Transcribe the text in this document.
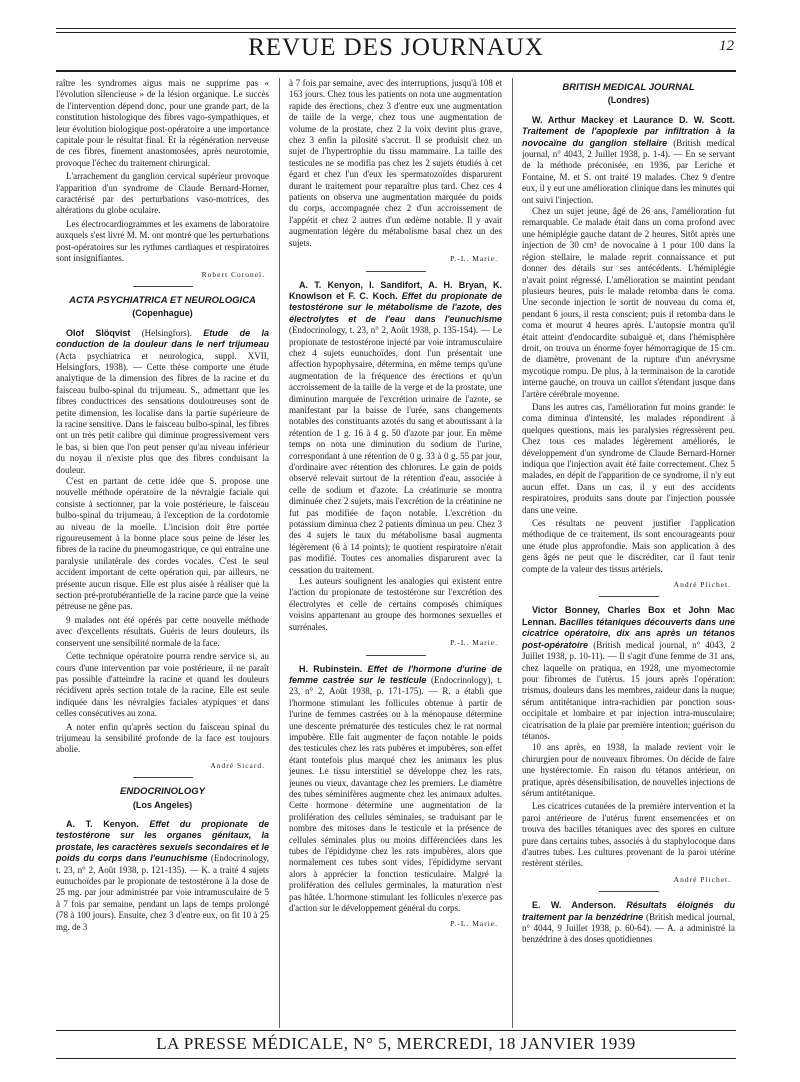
REVUE DES JOURNAUX	12

raître les syndromes aigus mais ne supprime pas « l'évolution silencieuse » de la lésion organique. Le succès de l'intervention dépend donc, pour une grande part, de la constitution histologique des fibres vago-sympathiques, et leur évolution biologique post-opératoire a une importance capitale pour le résultat final. Et la régénération nerveuse de ces fibres, finement anastomosées, après neurotomie, provoque l'échec du traitement chirurgical.

L'arrachement du ganglion cervical supérieur provoque l'apparition d'un syndrome de Claude Bernard-Horner, caractérisé par des perturbations vaso-motrices, des altérations du globe oculaire.

Les électrocardiogrammes et les examens de laboratoire auxquels s'est livré M. M. ont montré que les perturbations post-opératoires sur les rythmes cardiaques et respiratoires sont insignifiantes.

Robert Coronel.
ACTA PSYCHIATRICA ET NEUROLOGICA
(Copenhague)

Olof Slöqvist (Helsingfors). Etude de la conduction de la douleur dans le nerf trijumeau (Acta psychiatrica et neurologica, suppl. XVII, Helsingfors, 1938). — Cette thèse comporte une étude analytique de la dimension des fibres de la racine et du faisceau bulbo-spinal du trijumeau. S., admettant que les fibres conductrices des sensations douloureuses sont de petite dimension, les localise dans la partie supérieure de la racine sensitive. Dans le faisceau bulbo-spinal, les fibres ont un très petit calibre qui diminue progressivement vers le bas, si bien que l'on peut penser qu'au niveau inférieur du noyau il n'existe plus que des fibres conduisant la douleur.

C'est en partant de cette idée que S. propose une nouvelle méthode opératoire de la névralgie faciale qui consiste à sectionner, par la voie postérieure, le faisceau bulbo-spinal du trijumeau, à l'exception de la cordotomie au niveau de la moelle. L'incision doit être portée rigoureusement à la bonne place sous peine de léser les fibres de la racine du pneumogastrique, ce qui entraîne une paralysie unilatérale des cordes vocales. C'est le seul accident important de cette opération qui, par ailleurs, ne présente aucun risque. Elle est plus aisée à réaliser que la section pré-protubérantielle de la racine parce que la veine pétreuse ne gêne pas.

9 malades ont été opérés par cette nouvelle méthode avec d'excellents résultats. Guéris de leurs douleurs, ils conservent une sensibilité normale de la face.

Cette technique opératoire pourra rendre service si, au cours d'une intervention par voie postérieure, il ne paraît pas possible d'atteindre la racine et quand les douleurs récidivent après section totale de la racine. Elle est seule indiquée dans les névralgies faciales atypiques et dans celles consécutives au zona.

A noter enfin qu'après section du faisceau spinal du trijumeau la sensibilité profonde de la face est toujours abolie.

André Sicard.
ENDOCRINOLOGY
(Los Angeles)

A. T. Kenyon. Effet du propionate de testostérone sur les organes génitaux, la prostate, les caractères sexuels secondaires et le poids du corps dans l'eunuchisme (Endocrinology, t. 23, n° 2, Août 1938, p. 121-135). — K. a traité 4 sujets eunuchoïdes par le propionate de testostérone à la dose de 25 mg. par jour administrée par voie intramusculaire de 5 à 7 fois par semaine, pendant un laps de temps prolongé (78 à 100 jours). Ensuite, chez 3 d'entre eux, on fit 10 à 25 mg. de 3

à 7 fois par semaine, avec des interruptions, jusqu'à 108 et 163 jours. Chez tous les patients on nota une augmentation rapide des érections, chez 3 d'entre eux une augmentation de taille de la verge, chez tous une augmentation de volume de la prostate, chez 2 la voix devint plus grave, chez 3 enfin la pilosité s'accrut. Il se produisit chez un sujet de l'hypertrophie du tissu mammaire. La taille des testicules ne se modifia pas chez les 2 sujets étudiés à cet égard et chez l'un d'eux les spermatozoïdes disparurent durant le traitement pour reparaître plus tard. Chez ces 4 patients on observa une augmentation marquée du poids du corps, accompagnée chez 2 d'un accroissement de l'appétit et chez 2 autres d'un œdème notable. Il y avait augmentation légère du métabolisme basal chez un des sujets.

P.-L. Marie.

A. T. Kenyon, I. Sandifort, A. H. Bryan, K. Knowlson et F. C. Koch. Effet du propionate de testostérone sur le métabolisme de l'azote, des électrolytes et de l'eau dans l'eunuchisme (Endocrinology, t. 23, n° 2, Août 1938, p. 135-154). — Le propionate de testostérone injecté par voie intramusculaire chez 4 sujets eunuchoïdes, dont l'un présentait une affection hypophysaire, détermina, en même temps qu'une augmentation de la fréquence des érections et qu'un accroissement de la taille de la verge et de la prostate, une diminution marquée de l'excrétion urinaire de l'azote, se manifestant par la baisse de l'urée, sans changements notables des constituants azotés du sang et aboutissant à la rétention de 1 g. 16 à 4 g. 50 d'azote par jour. En même temps on nota une diminution du sodium de l'urine, correspondant à une rétention de 0 g. 33 à 0 g. 55 par jour, d'ordinaire avec rétention des chlorures. Le gain de poids observé relevait surtout de la rétention d'eau, associée à celle de sodium et d'azote. La créatinurie se montra diminuée chez 2 sujets, mais l'excrétion de la créatinine ne fut pas modifiée de façon notable. L'excrétion du potassium diminua chez 2 patients diminua un peu. Chez 3 des 4 sujets le taux du métabolisme basal augmenta légèrement (6 à 14 points); le quotient respiratoire n'était pas modifié. Toutes ces anomalies disparurent avec la cessation du traitement.

Les auteurs soulignent les analogies qui existent entre l'action du propionate de testostérone sur l'excrétion des électrolytes et celle de certains composés chimiques voisins appartenant au groupe des hormones sexuelles et surrénales.

P.-L. Marie.

H. Rubinstein. Effet de l'hormone d'urine de femme castrée sur le testicule (Endocrinology), t. 23, n° 2, Août 1938, p. 171-175). — R. a établi que l'hormone stimulant les follicules obtenue à partir de l'urine de femmes castrées ou à la ménopause détermine une descente prématurée des testicules chez le rat normal impubère. Elle fait augmenter de façon notable le poids des testicules chez les rats pubères et impubères, son effet étant toutefois plus marqué chez les animaux les plus jeunes. Le tissu interstitiel se développe chez les rats, jeunes ou vieux, davantage chez les premiers. Le diamètre des tubes séminifères augmente chez les animaux adultes. Cette hormone détermine une augmentation de la prolifération des cellules séminales, se traduisant par le nombre des mitoses dans le testicule et la présence de cellules séminales plus ou moins différenciées dans les tubes de l'épididyme chez les rats impubères, alors que normalement ces tubes sont vides, l'épididyme servant alors à apprécier la fonction testiculaire. Malgré la prolifération des cellules germinales, la maturation n'est pas hâtée. L'hormone stimulant les follicules n'exerce pas d'action sur le développement général du corps.

P.-L. Marie.
BRITISH MEDICAL JOURNAL
(Londres)

W. Arthur Mackey et Laurance D. W. Scott. Traitement de l'apoplexie par infiltration à la novocaïne du ganglion stellaire (British medical journal, n° 4043, 2 Juillet 1938, p. 1-4). — En se servant de la méthode préconisée, en 1936, par Leriche et Fontaine, M. et S. ont traité 19 malades. Chez 9 d'entre eux, il y eut une amélioration clinique dans les minutes qui ont suivi l'injection.

Chez un sujet jeune, âgé de 26 ans, l'amélioration fut remarquable. Ce malade était dans un coma profond avec une hémiplégie gauche datant de 2 heures. Sitôt après une injection de 30 cm³ de novocaïne à 1 pour 100 dans la région stellaire, le malade reprit connaissance et put donner des détails sur ses antécédents. L'hémiplégie n'avait point régressé. L'amélioration se maintint pendant plusieurs heures, puis le malade retomba dans le coma. Une seconde injection le sortit de nouveau du coma et, pendant 6 jours, il resta conscient; puis il retomba dans le coma et mourut 4 heures après. L'autopsie montra qu'il était atteint d'endocardite subaiguë et, dans l'hémisphère droit, on trouva un énorme foyer hémorragique de 15 cm. de diamètre, provenant de la rupture d'un anévrysme mycotique rompu. De plus, à la terminaison de la carotide interne gauche, on trouva un caillot s'étendant jusque dans l'artère cérébrale moyenne.

Dans les autres cas, l'amélioration fut moins grande: le coma diminua d'intensité, les malades répondirent à quelques questions, mais les paralysies régressèrent peu. Chez tous ces malades légèrement améliorés, le développement d'un syndrome de Claude Bernard-Horner indiqua que l'injection avait été faite correctement. Chez 5 malades, en dépit de l'apparition de ce syndrome, il n'y eut aucun effet. Dans un cas, il y eut des accidents respiratoires, produits sans doute par l'injection poussée dans une veine.

Ces résultats ne peuvent justifier l'application méthodique de ce traitement, ils sont encourageants pour une étude plus approfondie. Mais son application à des gens âgés ne peut que le discréditer, car il faut tenir compte de la valeur des tissus artériels.

André Plichet.

Victor Bonney, Charles Box et John Mac Lennan. Bacilles tétaniques découverts dans une cicatrice opératoire, dix ans après un tétanos post-opératoire (British medical journal, n° 4043, 2 Juillet 1938, p. 10-11). — Il s'agit d'une femme de 31 ans, chez laquelle on pratiqua, en 1928, une myomectomie pour fibromes de l'utérus. 15 jours après l'opération: trismus, douleurs dans les membres, raideur dans la nuque; sérum antitétanique intra-rachidien par ponction sous-occipitale et lombaire et par injection intra-musculaire; cicatrisation de la plaie par première intention; guérison du tétanos.

10 ans après, en 1938, la malade revient voir le chirurgien pour de nouveaux fibromes. On décide de faire une hystérectomie. En raison du tétanos antérieur, on pratique, après désensibilisation, de nouvelles injections de sérum antitétanique.

Les cicatrices cutanées de la première intervention et la paroi antérieure de l'utérus furent ensemencées et on trouva des bacilles tétaniques avec des spores en culture pure dans certains tubes, associés à du staphylocoque dans d'autres tubes. Les cultures provenant de la paroi utérine restèrent stériles.

André Plichet.

E. W. Anderson. Résultats éloignés du traitement par la benzédrine (British medical journal, n° 4044, 9 Juillet 1938, p. 60-64). — A. a administré la benzédrine à des doses quotidiennes

LA PRESSE MÉDICALE, N° 5, MERCREDI, 18 JANVIER 1939
